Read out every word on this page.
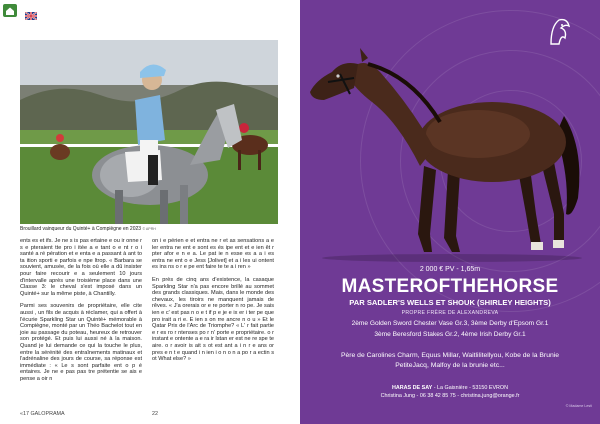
Brouillard vainqueur du Quinté+ à Compiègne en 2023 © APRH

ents es et ifs. Je ne s is pas ertaine e ou ir onne r s e pteraient tte pro i itée a e tant o e nt r o i santé a ré pération et e enta e a passant à ant to ta ition sporti e parfois e npe ltrop. « Barbara se souvient, amusée, de la fois où elle a dû insister pour faire recourir e a seulement 10 jours d'intervalle après une troisième place dans une Classe 3: le cheval s'est imposé dans un Quinté+ sur la même piste, à Chantilly.

Parmi ses souvenirs de propriétaire, elle cite aussi , un fils de acquis à réclamer, qui a offert à l'écurie Sparkling Star un Quinté+ mémorable à Compiègne, monté par un Théo Bachelot tout en joie au passage du poteau, heureux de retrouver son protégé. Et puis lui aussi né à la maison. Quand je lui demande ce qui la touche le plus, entre la sérénité des entraînements matinaux et l'adrénaline des jours de course, sa réponse est immédiate : « Le s sont parfaite ent o p é entaires. Je ne e pas pas tre prétentie se ais e pense a oir n

on i e périen e et entra ne r et as sensations a e ler entra ne ent e sont es és ipe ent et e ien êt r pter afor e n e a. Le pat ie n esse es a a i es entra ne ent o e Jess [Jolivet] et a i les ui ontent es ins ns o r e pe ent faire te te a i ren »

En près de cinq ans d'existence, la casaque Sparkling Star n'a pas encore brillé au sommet des grands classiques. Mais, dans le monde des chevaux, les tiroirs ne manquent jamais de rêves. « J'a orerais or e re porter n ro pe. Je sais ien e c' est pas n o e t if p e je e ix er i ter pe que pro irait a ri e. E ien s on rre ancre n o u » Et le Qatar Prix de l'Arc de Triomphe? « L' r fait partie e r es ro r ntenses po r n' porte e propriétaire. o r instant e ontente a e ra ir lstan er est ne re spe te aire. o r avoir is ait s ot est ant a i n r e ans or pres e n t e quand i n ien i o n o n a po r a ectin s ot What else? »

«17 GALOPRAMA	22
2 000 € PV - 1,65m
MASTEROFTHEHORSE
PAR SADLER'S WELLS ET SHOUK (SHIRLEY HEIGHTS)
PROPRE FRÈRE DE ALEXANDREVA
2ème Golden Sword Chester Vase Gr.3, 3ème Derby d'Epsom Gr.1
3ème Beresford Stakes Gr.2, 4ème Irish Derby Gr.1
Père de Carolines Charm, Equus Millar, Waitlilitellyou, Kobe de la Brunie
PetiteJacq, Malfoy de la brunie etc...
HARAS DE SAY - La Gaisnière - 53150 EVRON
Christina Jung - 06 38 42 85 75 - christina.jung@orange.fr
© Madame Lesti
